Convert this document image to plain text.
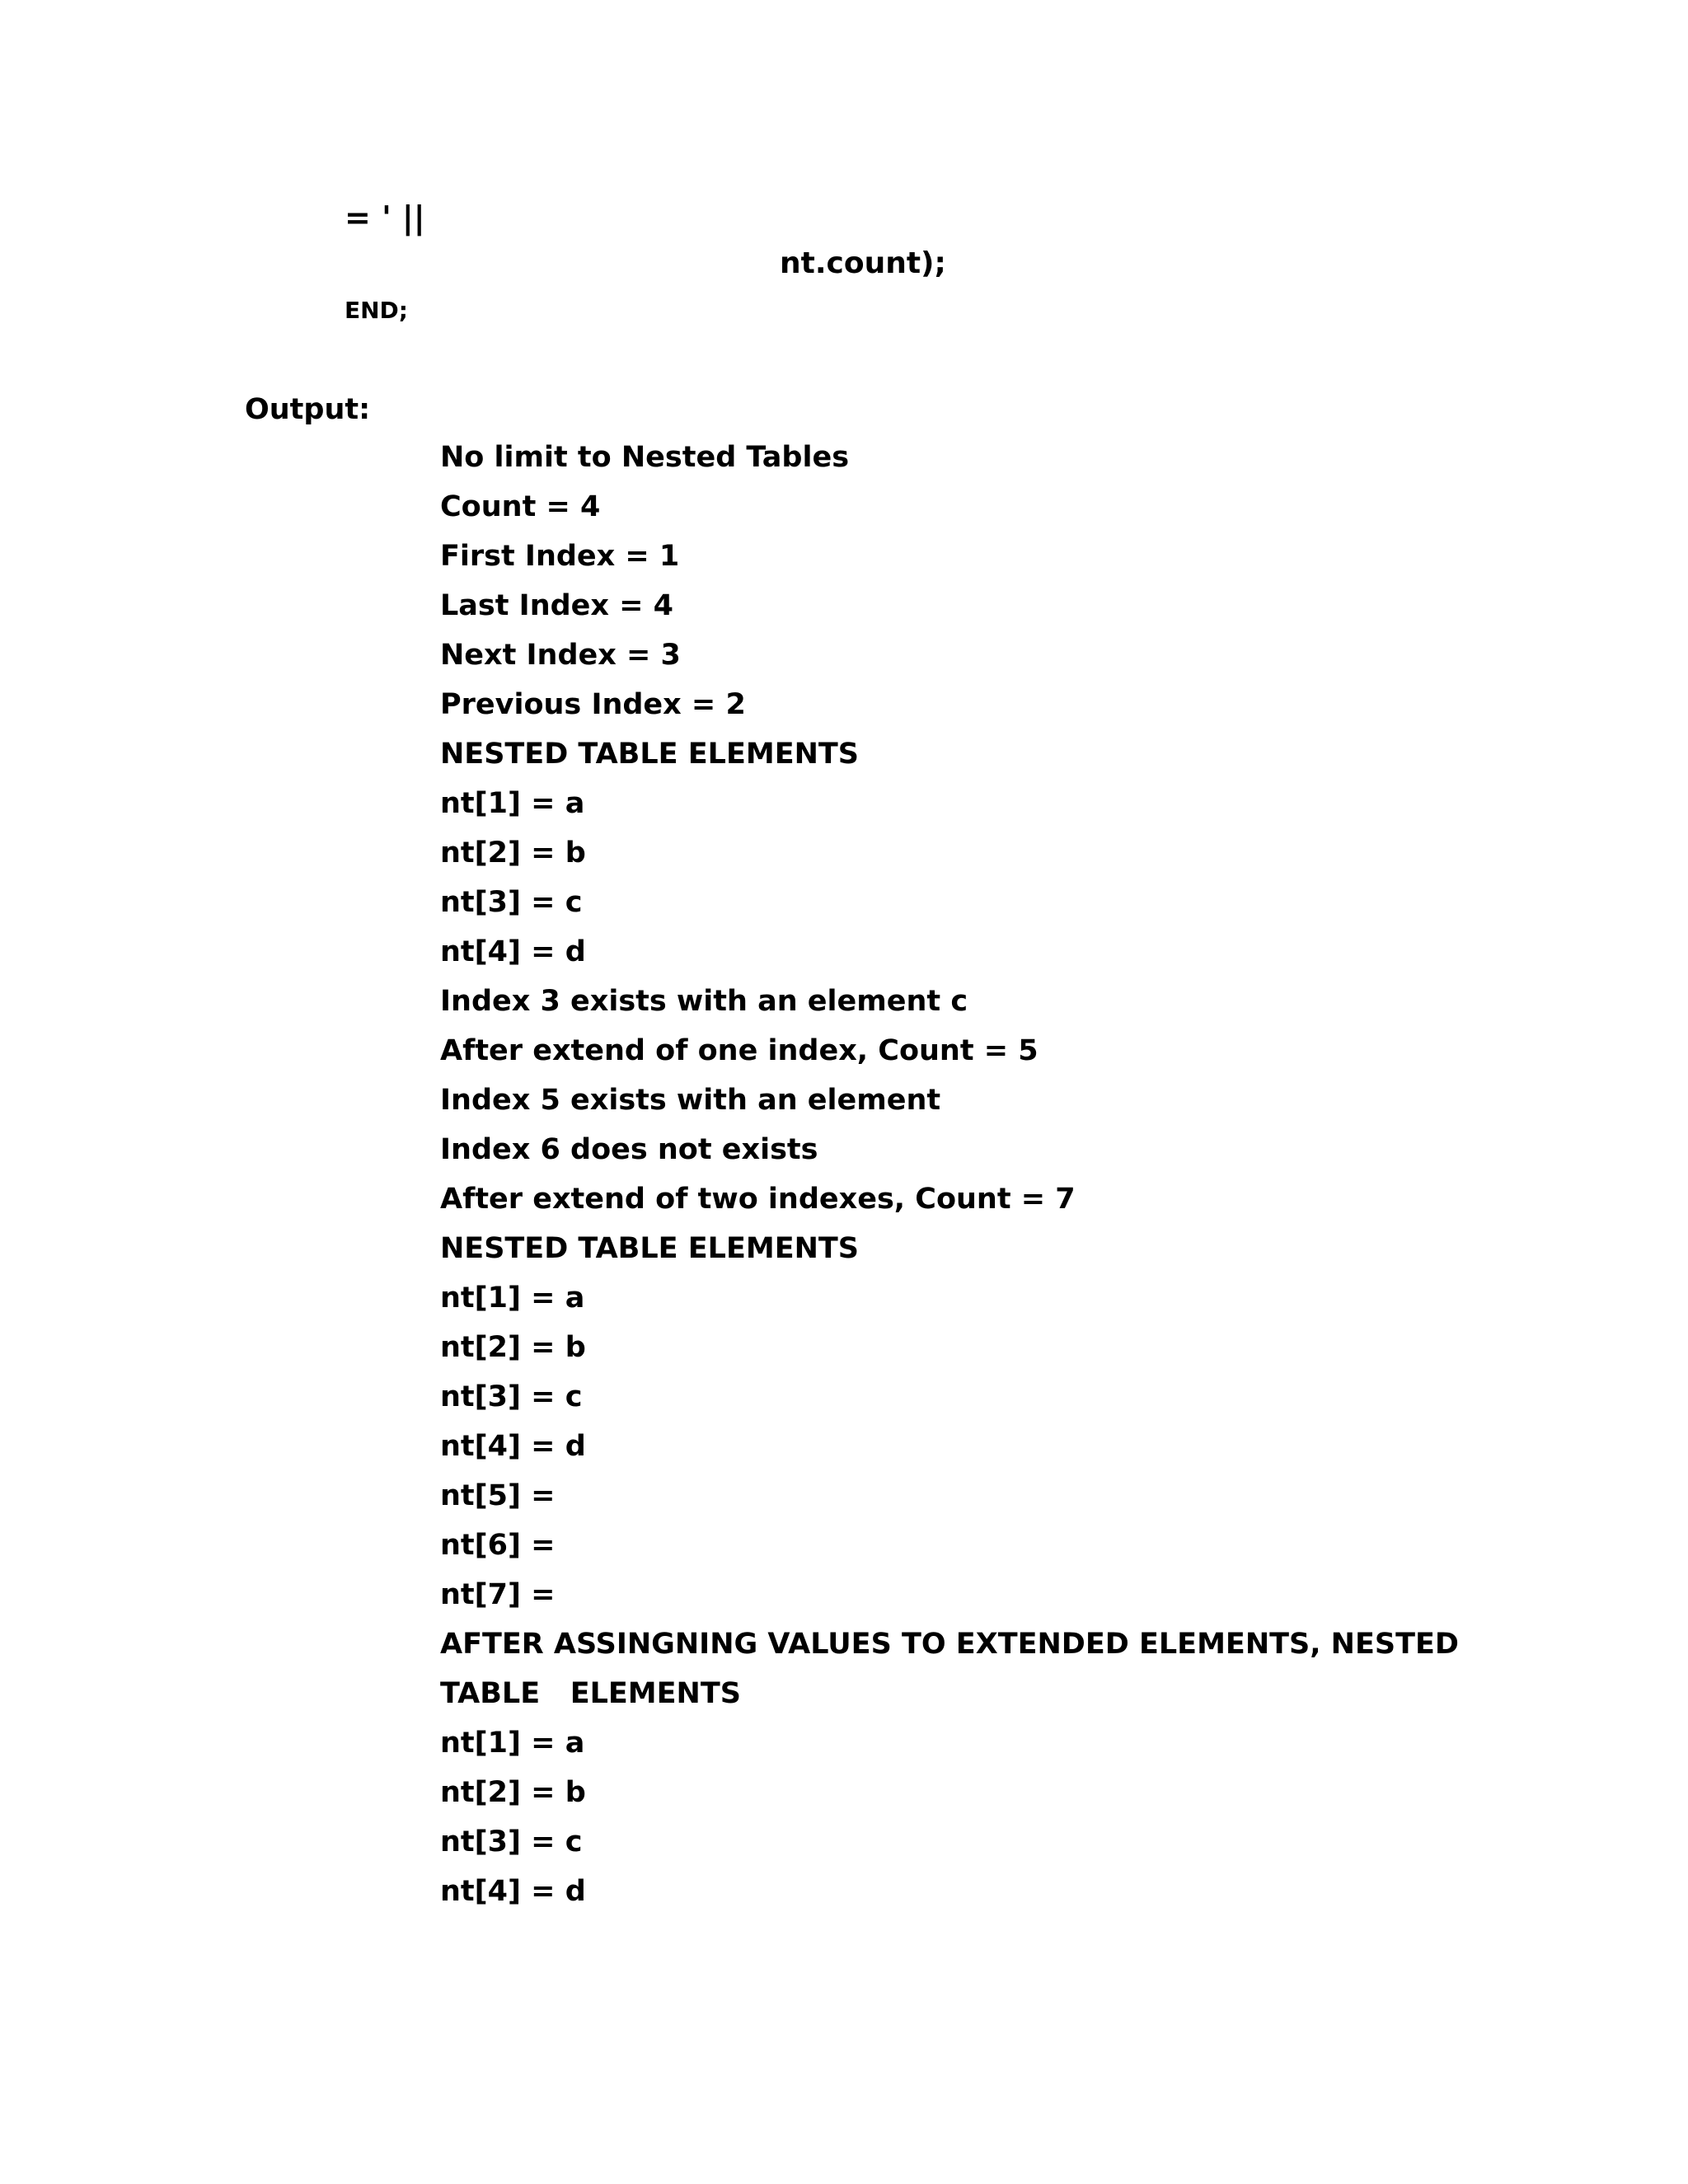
= ' ||
nt.count);
END;
Output:
No limit to Nested Tables
Count = 4
First Index = 1
Last Index = 4
Next Index = 3
Previous Index = 2
NESTED TABLE ELEMENTS
nt[1] = a
nt[2] = b
nt[3] = c
nt[4] = d
Index 3 exists with an element c
After extend of one index, Count = 5
Index 5 exists with an element
Index 6 does not exists
After extend of two indexes, Count = 7
NESTED TABLE ELEMENTS
nt[1] = a
nt[2] = b
nt[3] = c
nt[4] = d
nt[5] =
nt[6] =
nt[7] =
AFTER ASSINGNING VALUES TO EXTENDED ELEMENTS, NESTED
TABLE   ELEMENTS
nt[1] = a
nt[2] = b
nt[3] = c
nt[4] = d
